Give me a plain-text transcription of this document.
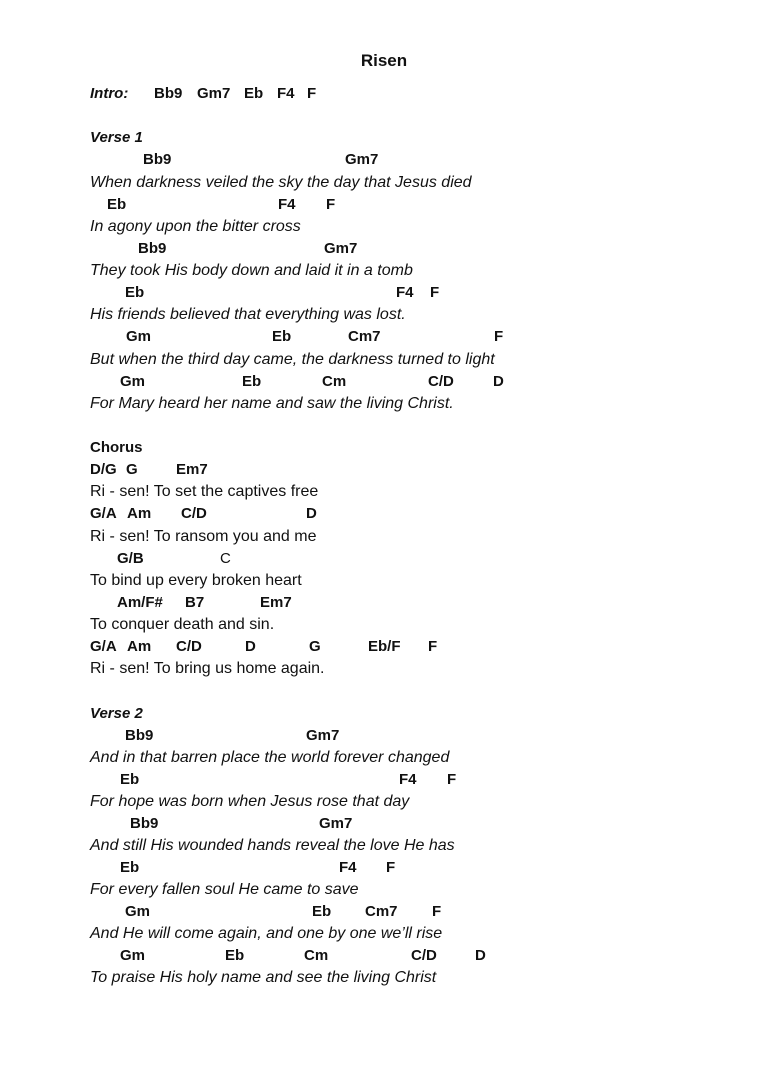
Risen

Intro:

Bb9

Gm7

Eb

F4

F

Verse 1

Bb9

	Gm7

When darkness veiled the sky the day that Jesus died

Eb

	F4

F

In agony upon the bitter cross

Bb9

	Gm7

They took His body down and laid it in a tomb

Eb

	F4

F

His friends believed that everything was lost.

Gm

	Eb

	Cm7

	F

But when the third day came, the darkness turned to light

Gm

	Eb

	Cm

	C/D

	D

For Mary heard her name and saw the living Christ.
Chorus

D/G

G

	Em7

Ri - sen! To set the captives free

G/A

Am

C/D

	D

Ri - sen! To ransom you and me

G/B

	C

To bind up every broken heart

Am/F#

B7

	Em7

To conquer death and sin.

G/A

Am

C/D

	D

	G

	Eb/F

F

Ri - sen! To bring us home again.
Verse 2

Bb9

	Gm7

And in that barren place the world forever changed

Eb

	F4

F

For hope was born when Jesus rose that day

Bb9

	Gm7

And still His wounded hands reveal the love He has

Eb

	F4

F

For every fallen soul He came to save

Gm

	Eb

Cm7

F

And He will come again, and one by one we’ll rise

Gm

	Eb

	Cm

	C/D

	D

To praise His holy name and see the living Christ
